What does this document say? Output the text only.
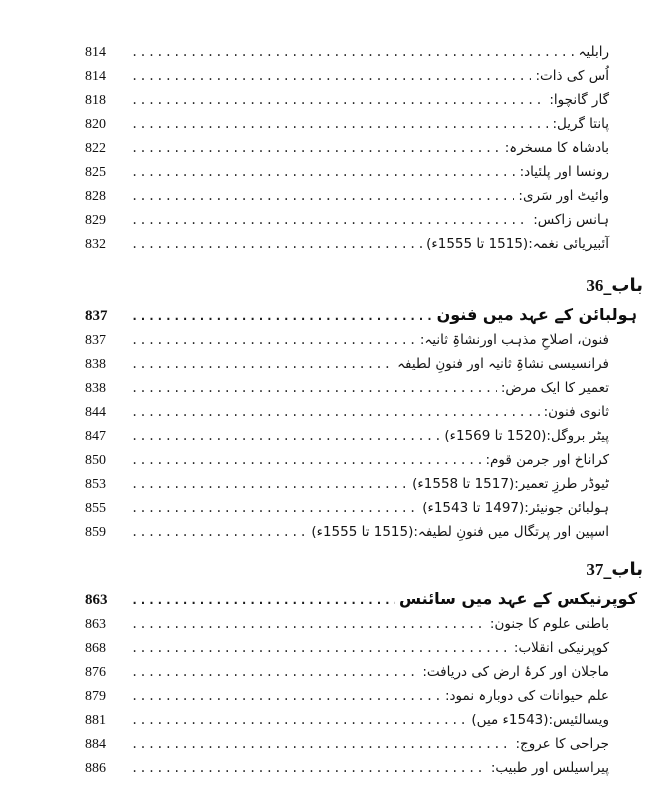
رابلیہ
.....
814
اُس کی ذات:
.....
814
گار گانچوا:
.....
818
پانتا گریل:
.....
820
بادشاہ کا مسخرہ:
.....
822
رونسا اور پلئیاد:
.....
825
وائیٹ اور سَری:
.....
828
ہانس زاکس:
.....
829
آئبیریائی نغمہ:(1515 تا 1555ء)
.....
832
باب_36
ہولبائن کے عہد میں فنون
.....
837
فنون، اصلاحِ مذہب اورنشاۃِ ثانیہ:
.....
837
فرانسیسی نشاۃِ ثانیہ اور فنونِ لطیفہ
.....
838
تعمیر کا ایک مرض:
.....
838
ثانوی فنون:
.....
844
پیٹر بروگل:(1520 تا 1569ء)
.....
847
کراناخ اور جرمن قوم:
.....
850
ٹیوڈر طرزِ تعمیر:(1517 تا 1558ء)
.....
853
ہولبائن جونیئر:(1497 تا 1543ء)
.....
855
اسپین اور پرتگال میں فنونِ لطیفہ:(1515 تا 1555ء)
.....
859
باب_37
کوپرنیکس کے عہد میں سائنس
.....
863
باطنی علوم کا جنون:
.....
863
کوپرنیکی انقلاب:
.....
868
ماجلان اور کرۂ ارض کی دریافت:
.....
876
علم حیوانات کی دوبارہ نمود:
.....
879
ویسالئیس:(1543ء میں)
.....
881
جراحی کا عروج:
.....
884
پیراسیلس اور طبیب:
.....
886
